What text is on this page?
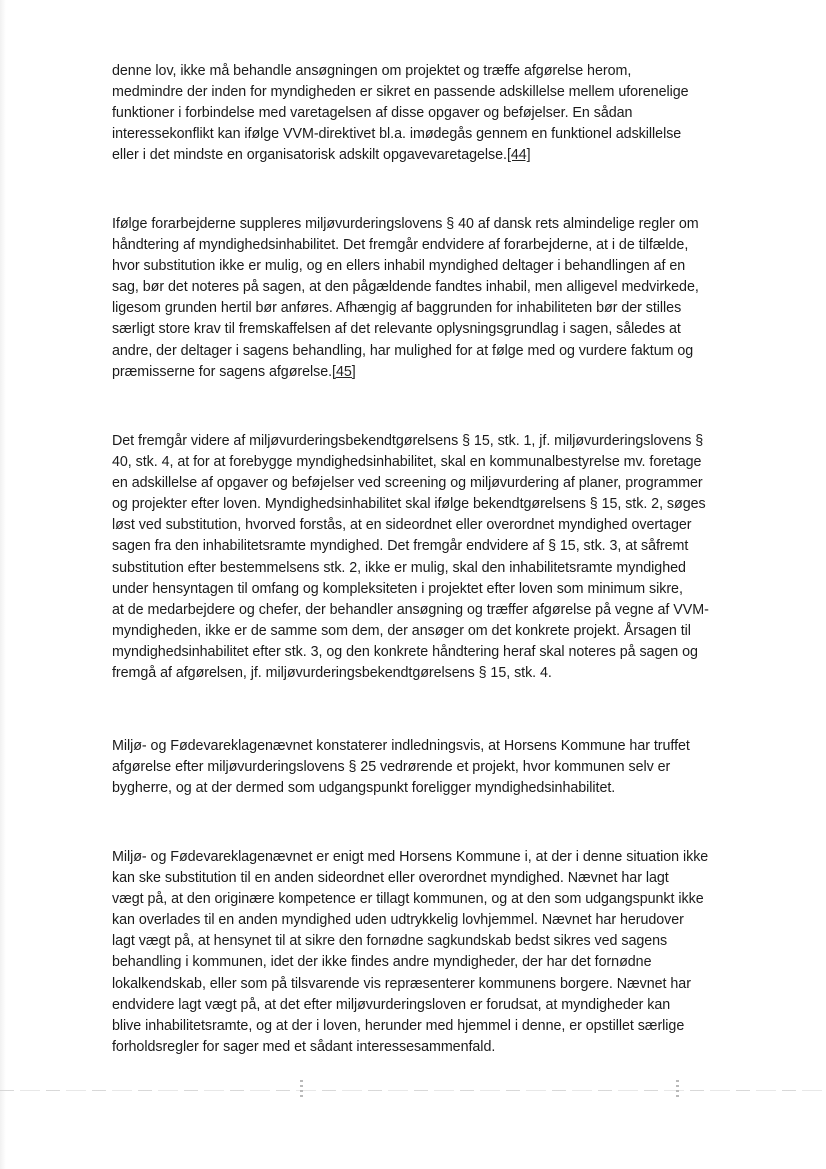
denne lov, ikke må behandle ansøgningen om projektet og træffe afgørelse herom,
medmindre der inden for myndigheden er sikret en passende adskillelse mellem uforenelige
funktioner i forbindelse med varetagelsen af disse opgaver og beføjelser. En sådan
interessekonflikt kan ifølge VVM-direktivet bl.a. imødegås gennem en funktionel adskillelse
eller i det mindste en organisatorisk adskilt opgavevaretagelse.[44]

Ifølge forarbejderne suppleres miljøvurderingslovens § 40 af dansk rets almindelige regler om
håndtering af myndighedsinhabilitet. Det fremgår endvidere af forarbejderne, at i de tilfælde,
hvor substitution ikke er mulig, og en ellers inhabil myndighed deltager i behandlingen af en
sag, bør det noteres på sagen, at den pågældende fandtes inhabil, men alligevel medvirkede,
ligesom grunden hertil bør anføres. Afhængig af baggrunden for inhabiliteten bør der stilles
særligt store krav til fremskaffelsen af det relevante oplysningsgrundlag i sagen, således at
andre, der deltager i sagens behandling, har mulighed for at følge med og vurdere faktum og
præmisserne for sagens afgørelse.[45]

Det fremgår videre af miljøvurderingsbekendtgørelsens § 15, stk. 1, jf. miljøvurderingslovens §
40, stk. 4, at for at forebygge myndighedsinhabilitet, skal en kommunalbestyrelse mv. foretage
en adskillelse af opgaver og beføjelser ved screening og miljøvurdering af planer, programmer
og projekter efter loven. Myndighedsinhabilitet skal ifølge bekendtgørelsens § 15, stk. 2, søges
løst ved substitution, hvorved forstås, at en sideordnet eller overordnet myndighed overtager
sagen fra den inhabilitetsramte myndighed. Det fremgår endvidere af § 15, stk. 3, at såfremt
substitution efter bestemmelsens stk. 2, ikke er mulig, skal den inhabilitetsramte myndighed
under hensyntagen til omfang og kompleksiteten i projektet efter loven som minimum sikre,
at de medarbejdere og chefer, der behandler ansøgning og træffer afgørelse på vegne af VVM-
myndigheden, ikke er de samme som dem, der ansøger om det konkrete projekt. Årsagen til
myndighedsinhabilitet efter stk. 3, og den konkrete håndtering heraf skal noteres på sagen og
fremgå af afgørelsen, jf. miljøvurderingsbekendtgørelsens § 15, stk. 4.

Miljø- og Fødevareklagenævnet konstaterer indledningsvis, at Horsens Kommune har truffet
afgørelse efter miljøvurderingslovens § 25 vedrørende et projekt, hvor kommunen selv er
bygherre, og at der dermed som udgangspunkt foreligger myndighedsinhabilitet.

Miljø- og Fødevareklagenævnet er enigt med Horsens Kommune i, at der i denne situation ikke
kan ske substitution til en anden sideordnet eller overordnet myndighed. Nævnet har lagt
vægt på, at den originære kompetence er tillagt kommunen, og at den som udgangspunkt ikke
kan overlades til en anden myndighed uden udtrykkelig lovhjemmel. Nævnet har herudover
lagt vægt på, at hensynet til at sikre den fornødne sagkundskab bedst sikres ved sagens
behandling i kommunen, idet der ikke findes andre myndigheder, der har det fornødne
lokalkendskab, eller som på tilsvarende vis repræsenterer kommunens borgere. Nævnet har
endvidere lagt vægt på, at det efter miljøvurderingsloven er forudsat, at myndigheder kan
blive inhabilitetsramte, og at der i loven, herunder med hjemmel i denne, er opstillet særlige
forholdsregler for sager med et sådant interessesammenfald.
